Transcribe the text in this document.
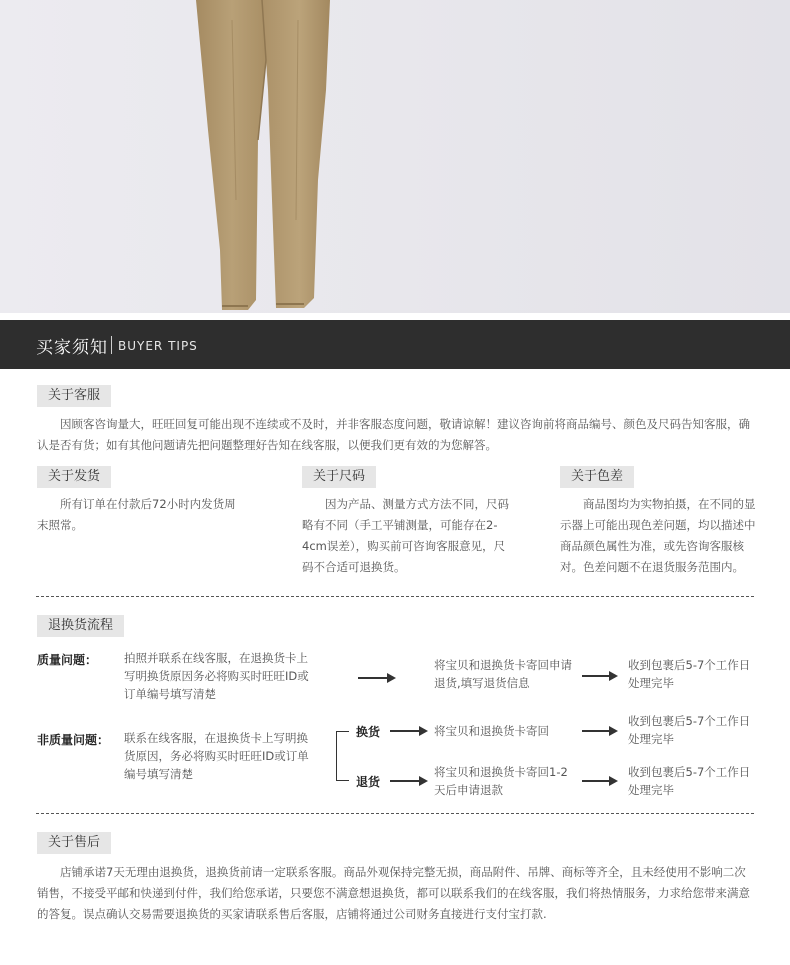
买家须知 BUYER TIPS
关于客服
因顾客咨询量大，旺旺回复可能出现不连续或不及时，并非客服态度问题，敬请谅解！建议咨询前将商品编号、颜色及尺码告知客服，确认是否有货；如有其他问题请先把问题整理好告知在线客服，以便我们更有效的为您解答。
关于发货
所有订单在付款后72小时内发货周末照常。
关于尺码
因为产品、测量方式方法不同，尺码略有不同（手工平铺测量，可能存在2-4cm误差），购买前可咨询客服意见，尺码不合适可退换货。
关于色差
商品图均为实物拍摄，在不同的显示器上可能出现色差问题，均以描述中商品颜色属性为准，或先咨询客服核对。色差问题不在退货服务范围内。
退换货流程
质量问题： 拍照并联系在线客服，在退换货卡上写明换货原因务必将购买时旺旺ID或订单编号填写清楚
将宝贝和退换货卡寄回申请退货,填写退货信息
收到包裹后5-7个工作日处理完毕
非质量问题： 联系在线客服，在退换货卡上写明换货原因，务必将购买时旺旺ID或订单编号填写清楚
换货	将宝贝和退换货卡寄回
收到包裹后5-7个工作日处理完毕
退货
将宝贝和退换货卡寄回1-2天后申请退款
收到包裹后5-7个工作日处理完毕
关于售后
店铺承诺7天无理由退换货，退换货前请一定联系客服。商品外观保持完整无损，商品附件、吊牌、商标等齐全，且未经使用不影响二次销售，不接受平邮和快递到付件，我们给您承诺，只要您不满意想退换货，都可以联系我们的在线客服，我们将热情服务，力求给您带来满意的答复。误点确认交易需要退换货的买家请联系售后客服，店铺将通过公司财务直接进行支付宝打款.
